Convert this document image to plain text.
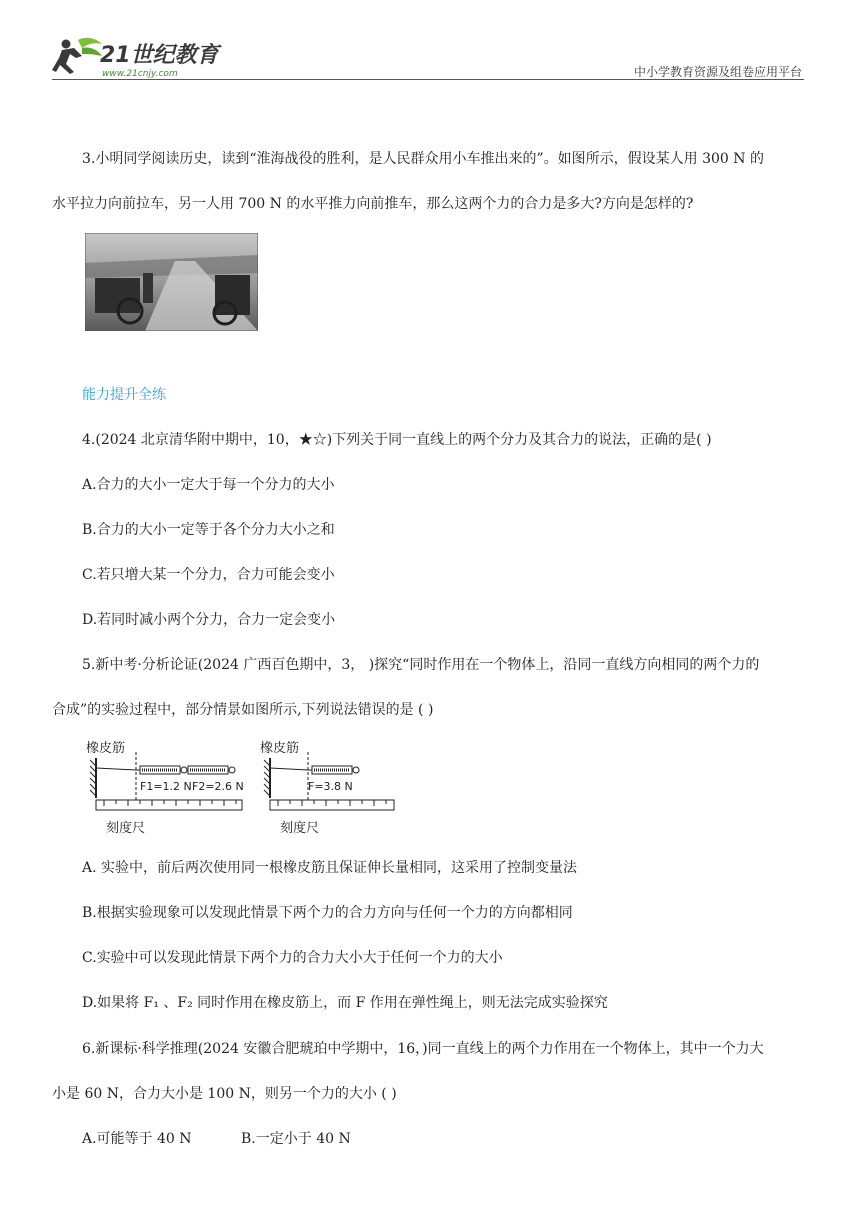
21世纪教育
www.21cnjy.com	中小学教育资源及组卷应用平台
3.小明同学阅读历史，读到“淮海战役的胜利，是人民群众用小车推出来的”。如图所示，假设某人用 300 N 的
水平拉力向前拉车，另一人用 700 N 的水平推力向前推车，那么这两个力的合力是多大?方向是怎样的?
能力提升全练
4.(2024 北京清华附中期中，10，★☆)下列关于同一直线上的两个分力及其合力的说法，正确的是( )
A.合力的大小一定大于每一个分力的大小
B.合力的大小一定等于各个分力大小之和
C.若只增大某一个分力，合力可能会变小
D.若同时减小两个分力，合力一定会变小
5.新中考·分析论证(2024 广西百色期中，3， )探究“同时作用在一个物体上，沿同一直线方向相同的两个力的
合成”的实验过程中，部分情景如图所示,下列说法错误的是 ( )
橡皮筋
F1=1.2 N F2=2.6 N
刻度尺
橡皮筋
F=3.8 N
刻度尺
A. 实验中，前后两次使用同一根橡皮筋且保证伸长量相同，这采用了控制变量法
B.根据实验现象可以发现此情景下两个力的合力方向与任何一个力的方向都相同
C.实验中可以发现此情景下两个力的合力大小大于任何一个力的大小
D.如果将 F₁ 、F₂ 同时作用在橡皮筋上，而 F 作用在弹性绳上，则无法完成实验探究
6.新课标·科学推理(2024 安徽合肥琥珀中学期中，16，)同一直线上的两个力作用在一个物体上，其中一个力大
小是 60 N，合力大小是 100 N，则另一个力的大小 ( )
A.可能等于 40 N	B.一定小于 40 N
